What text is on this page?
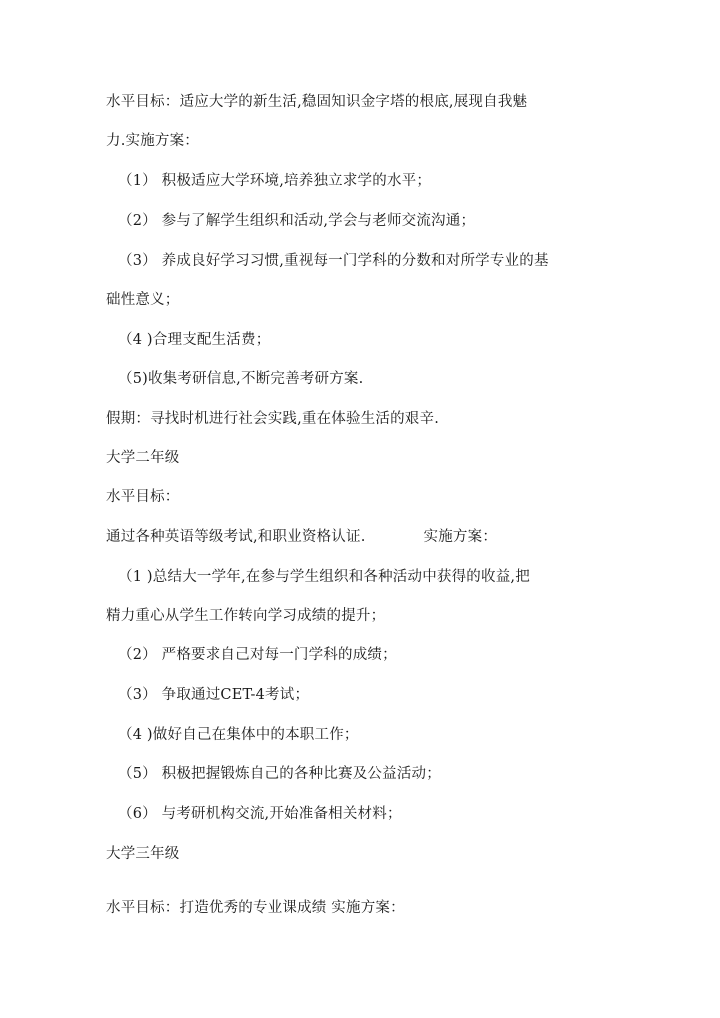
水平目标：适应大学的新生活,稳固知识金字塔的根底,展现自我魅
力.实施方案：
（1） 积极适应大学环境,培养独立求学的水平；
（2） 参与了解学生组织和活动,学会与老师交流沟通；
（3） 养成良好学习习惯,重视每一门学科的分数和对所学专业的基
础性意义；
（4 )合理支配生活费；
（5)收集考研信息,不断完善考研方案.
假期：寻找时机进行社会实践,重在体验生活的艰辛.
大学二年级
水平目标：
通过各种英语等级考试,和职业资格认证.	实施方案：
（1 )总结大一学年,在参与学生组织和各种活动中获得的收益,把
精力重心从学生工作转向学习成绩的提升；
（2） 严格要求自己对每一门学科的成绩；
（3） 争取通过CET-4考试；
（4 )做好自己在集体中的本职工作；
（5） 积极把握锻炼自己的各种比赛及公益活动；
（6） 与考研机构交流,开始准备相关材料；
大学三年级
水平目标：打造优秀的专业课成绩 实施方案：
